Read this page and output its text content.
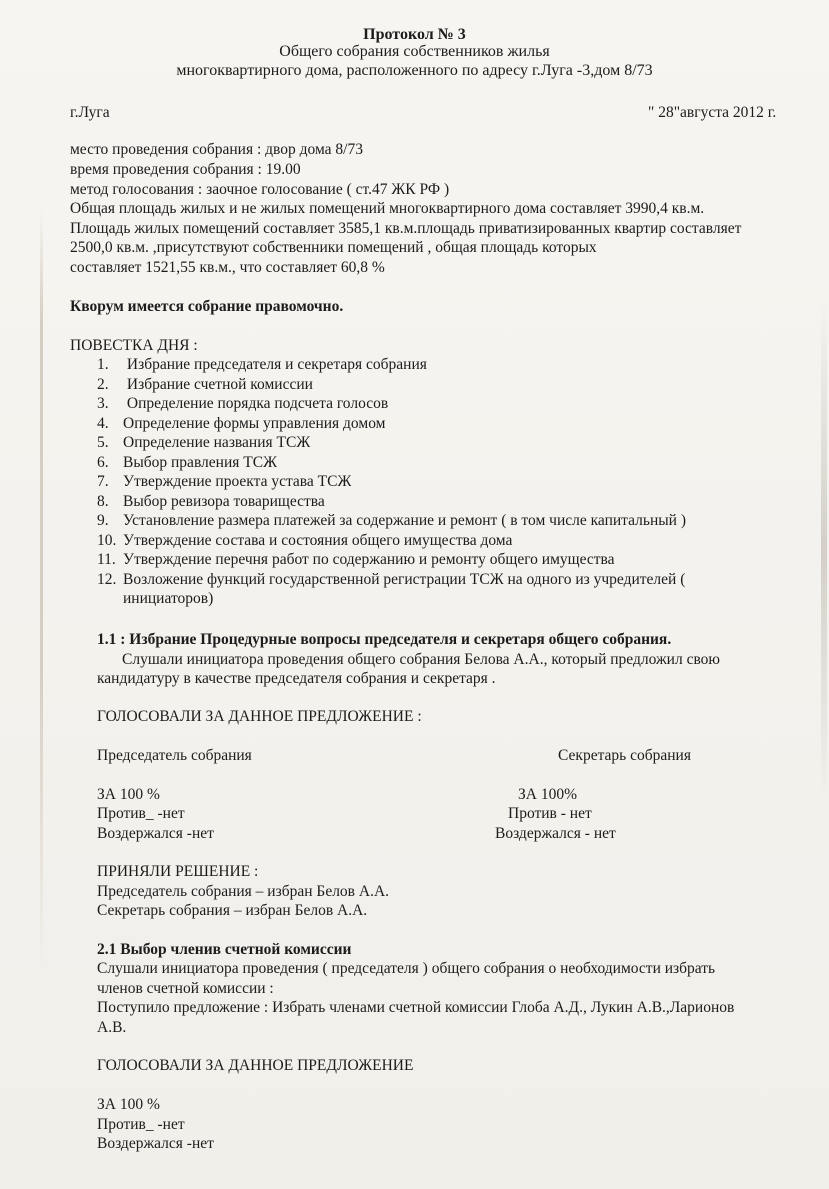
Протокол № 3
Общего собрания собственников жилья
многоквартирного дома, расположенного по адресу г.Луга -3,дом 8/73
г.Луга	" 28"августа 2012 г.
место проведения собрания : двор дома 8/73
время проведения собрания : 19.00
метод голосования : заочное голосование ( ст.47 ЖК РФ )
Общая площадь жилых и не жилых помещений многоквартирного дома составляет 3990,4 кв.м.
Площадь жилых помещений составляет 3585,1 кв.м.площадь приватизированных квартир составляет
2500,0 кв.м. ,присутствуют собственники помещений , общая площадь которых
составляет 1521,55 кв.м., что составляет 60,8 %
Кворум имеется собрание правомочно.
ПОВЕСТКА ДНЯ :
1. Избрание председателя и секретаря собрания
2. Избрание счетной комиссии
3. Определение порядка подсчета голосов
4. Определение формы управления домом
5. Определение названия ТСЖ
6. Выбор правления ТСЖ
7. Утверждение проекта устава ТСЖ
8. Выбор ревизора товарищества
9. Установление размера платежей за содержание и ремонт ( в том числе капитальный )
10. Утверждение состава и состояния общего имущества дома
11. Утверждение перечня работ по содержанию и ремонту общего имущества
12. Возложение функций государственной регистрации ТСЖ на одного из учредителей (
инициаторов)
1.1 : Избрание Процедурные вопросы председателя и секретаря общего собрания.
Слушали инициатора проведения общего собрания Белова А.А., который предложил свою
кандидатуру в качестве председателя собрания и секретаря .
ГОЛОСОВАЛИ ЗА ДАННОЕ ПРЕДЛОЖЕНИЕ :
Председатель собрания	Секретарь собрания
ЗА 100 %
Против_ -нет
Воздержался -нет
ЗА 100%
Против - нет
Воздержался - нет
ПРИНЯЛИ РЕШЕНИЕ :
Председатель собрания – избран Белов А.А.
Секретарь собрания – избран Белов А.А.
2.1 Выбор членив счетной комиссии
Слушали инициатора проведения ( председателя ) общего собрания о необходимости избрать
членов счетной комиссии :
Поступило предложение : Избрать членами счетной комиссии Глоба А.Д., Лукин А.В.,Ларионов
А.В.
ГОЛОСОВАЛИ ЗА ДАННОЕ ПРЕДЛОЖЕНИЕ
ЗА 100 %
Против_ -нет
Воздержался -нет
